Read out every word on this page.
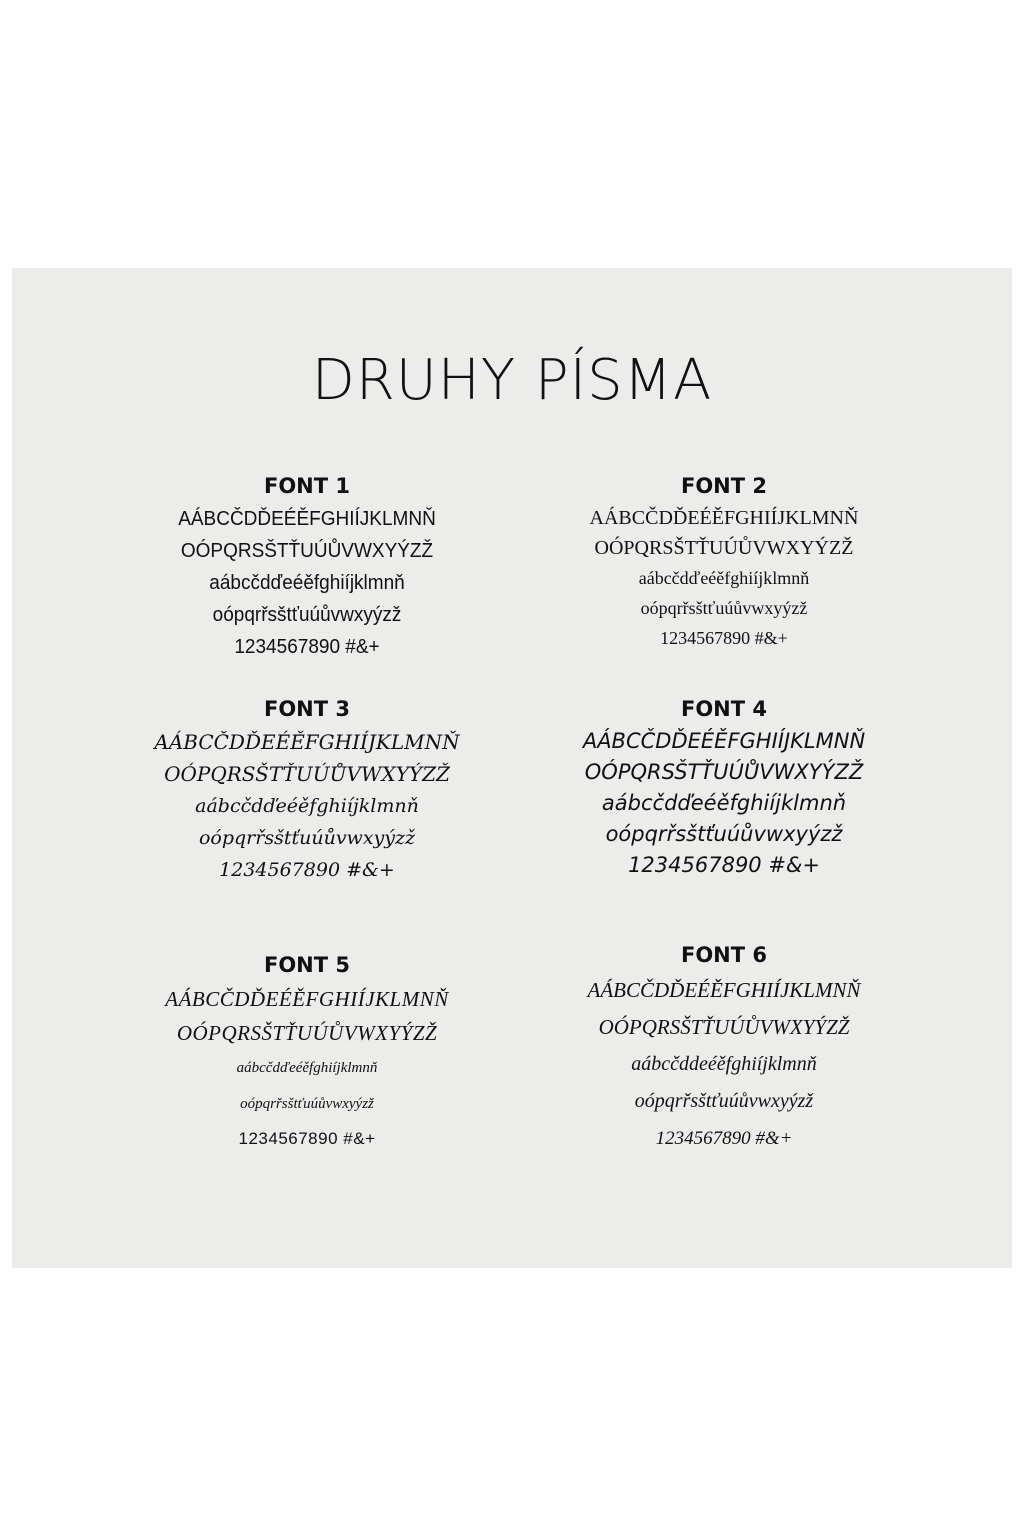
DRUHY PÍSMA
FONT 1
AÁBCČDĎEÉĚFGHIÍJKLMNŇ
OÓPQRSŠTŤUÚŮVWXYÝZŽ
aábcčdďeéěfghiíjklmnň
oópqrřsštťuúůvwxyýzž
1234567890 #&+
FONT 2
AÁBCČDĎEÉĚFGHIÍJKLMNŇ
OÓPQRSŠTŤUÚŮVWXYÝZŽ
aábcčdďeéěfghiíjklmnň
oópqrřsštťuúůvwxyýzž
1234567890 #&+
FONT 3
AÁBCČDĎEÉĚFGHIÍJKLMNŇ
OÓPQRSŠTŤUÚŮVWXYÝZŽ
aábcčdďeéěfghiíjklmnň
oópqrřsštťuúůvwxyýzž
1234567890 #&+
FONT 4
AÁBCČDĎEÉĚFGHIÍJKLMNŇ
OÓPQRSŠTŤUÚŮVWXYÝZŽ
aábcčdďeéěfghiíjklmnň
oópqrřsštťuúůvwxyýzž
1234567890 #&+
FONT 5
AÁBCČDĎEÉĚFGHIÍJKLMNŇ
OÓPQRSŠTŤUÚŮVWXYÝZŽ
aábcčdďeéěfghiíjklmnň
oópqrřsštťuúůvwxyýzž
1234567890 #&+
FONT 6
AÁBCČDĎEÉĚFGHIÍJKLMNŇ
OÓPQRSŠTŤUÚŮVWXYÝZŽ
aábcčddeéěfghiíjklmnň
oópqrřsštťuúůvwxyýzž
1234567890 #&+
